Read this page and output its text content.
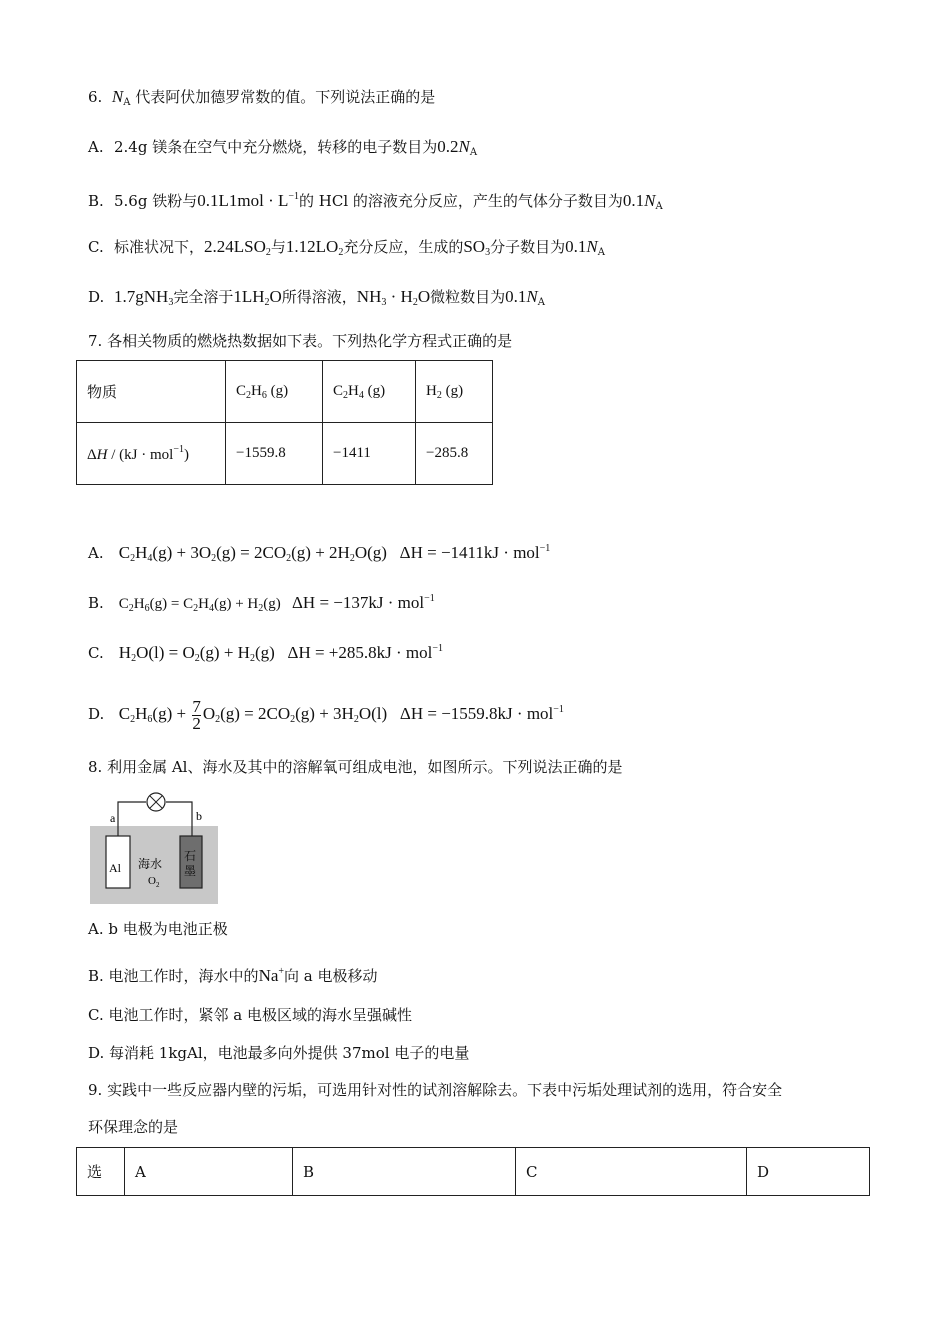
6. $N_A$ 代表阿伏加德罗常数的值。下列说法正确的是
A. 2.4g 镁条在空气中充分燃烧，转移的电子数目为$0.2N_A$
B. 5.6g 铁粉与$0.1L1mol \cdot L^{-1}$的 HCl 的溶液充分反应，产生的气体分子数目为$0.1N_A$
C. 标准状况下，$2.24LSO_2$与$1.12LO_2$充分反应，生成的$SO_3$分子数目为$0.1N_A$
D. 1.7gNH$_3$完全溶于$1LH_2O$所得溶液，$NH_3 \cdot H_2O$微粒数目为$0.1N_A$
7. 各相关物质的燃烧热数据如下表。下列热化学方程式正确的是
物质	$C_2H_6$ (g)	$C_2H_4$ (g)	$H_2$ (g)
ΔH / (kJ · mol$^{-1}$)	−1559.8	−1411	−285.8
A. $C_2H_4(g) + 3O_2(g) = 2CO_2(g) + 2H_2O(g) \Delta H = -1411kJ \cdot mol^{-1}$
B. $C_2H_6(g) = C_2H_4(g) + H_2(g) \Delta H = -137kJ \cdot mol^{-1}$
C. $H_2O(l) = O_2(g) + H_2(g) \Delta H = +285.8kJ \cdot mol^{-1}$
D. $C_2H_6(g) + \frac{7}{2} O_2(g) = 2CO_2(g) + 3H_2O(l) \Delta H = -1559.8kJ \cdot mol^{-1}$
8. 利用金属 Al、海水及其中的溶解氧可组成电池，如图所示。下列说法正确的是
a	b
Al
石
墨
海水
$O_2$
A. b 电极为电池正极
B. 电池工作时，海水中的Na+向 a 电极移动
C. 电池工作时，紧邻 a 电极区域的海水呈强碱性
D. 每消耗 1kgAl，电池最多向外提供 37mol 电子的电量
9. 实践中一些反应器内壁的污垢，可选用针对性的试剂溶解除去。下表中污垢处理试剂的选用，符合安全
环保理念的是
选	A	B	C	D
